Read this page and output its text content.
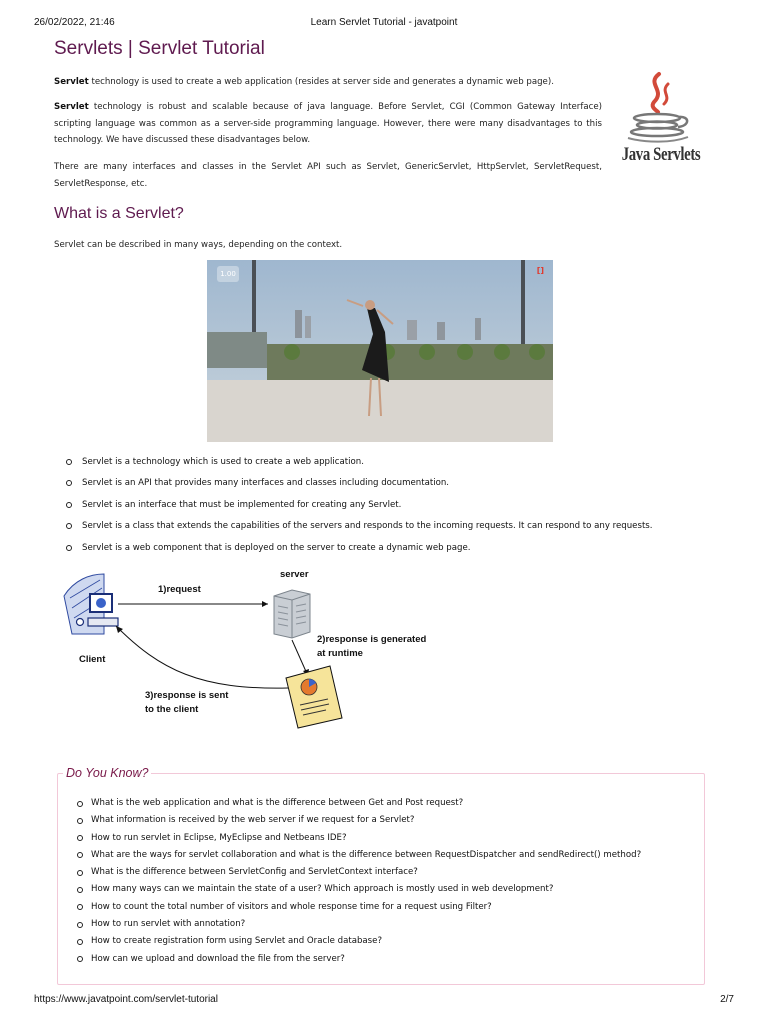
26/02/2022, 21:46	Learn Servlet Tutorial - javatpoint
Servlets | Servlet Tutorial

Servlet technology is used to create a web application (resides at server side and generates a dynamic web page).

Servlet technology is robust and scalable because of java language. Before Servlet, CGI (Common Gateway Interface) scripting language was common as a server-side programming language. However, there were many disadvantages to this technology. We have discussed these disadvantages below.

There are many interfaces and classes in the Servlet API such as Servlet, GenericServlet, HttpServlet, ServletRequest, ServletResponse, etc.

Java Servlets
What is a Servlet?

Servlet can be described in many ways, depending on the context.

1.00	[]
Servlet is a technology which is used to create a web application.
Servlet is an API that provides many interfaces and classes including documentation.
Servlet is an interface that must be implemented for creating any Servlet.
Servlet is a class that extends the capabilities of the servers and responds to the incoming requests. It can respond to any requests.
Servlet is a web component that is deployed on the server to create a dynamic web page.
server
1)request
Client
2)response is generated
at runtime
3)response is sent
to the client
Do You Know?
What is the web application and what is the difference between Get and Post request?
What information is received by the web server if we request for a Servlet?
How to run servlet in Eclipse, MyEclipse and Netbeans IDE?
What are the ways for servlet collaboration and what is the difference between RequestDispatcher and sendRedirect() method?
What is the difference between ServletConfig and ServletContext interface?
How many ways can we maintain the state of a user? Which approach is mostly used in web development?
How to count the total number of visitors and whole response time for a request using Filter?
How to run servlet with annotation?
How to create registration form using Servlet and Oracle database?
How can we upload and download the file from the server?
https://www.javatpoint.com/servlet-tutorial	2/7
